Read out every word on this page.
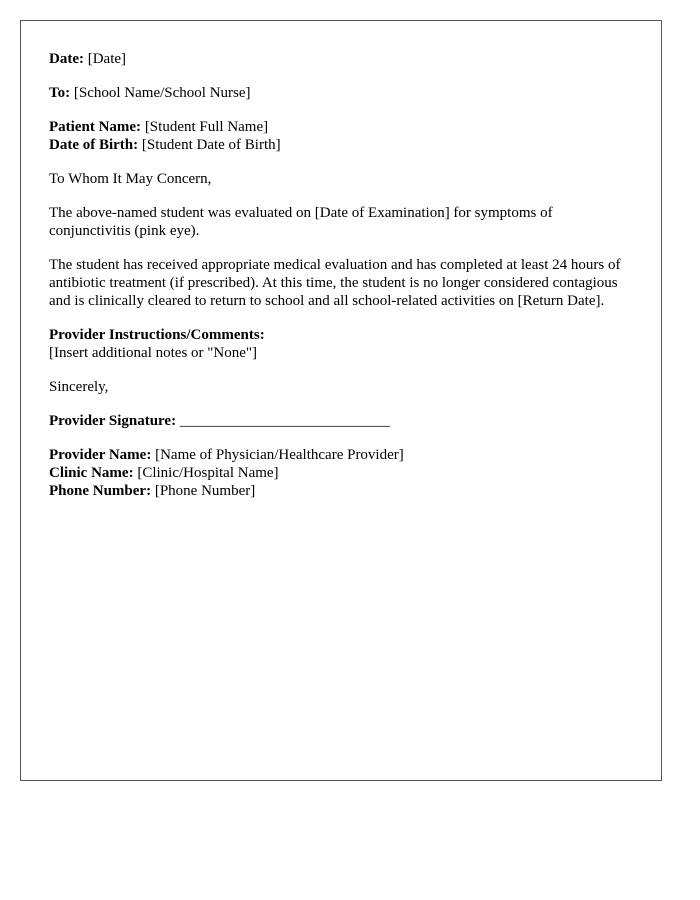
Date: [Date]

To: [School Name/School Nurse]

Patient Name: [Student Full Name]
Date of Birth: [Student Date of Birth]

To Whom It May Concern,

The above-named student was evaluated on [Date of Examination] for symptoms of conjunctivitis (pink eye).

The student has received appropriate medical evaluation and has completed at least 24 hours of antibiotic treatment (if prescribed). At this time, the student is no longer considered contagious and is clinically cleared to return to school and all school-related activities on [Return Date].

Provider Instructions/Comments:
[Insert additional notes or "None"]

Sincerely,

Provider Signature: ____________________________

Provider Name: [Name of Physician/Healthcare Provider]
Clinic Name: [Clinic/Hospital Name]
Phone Number: [Phone Number]
